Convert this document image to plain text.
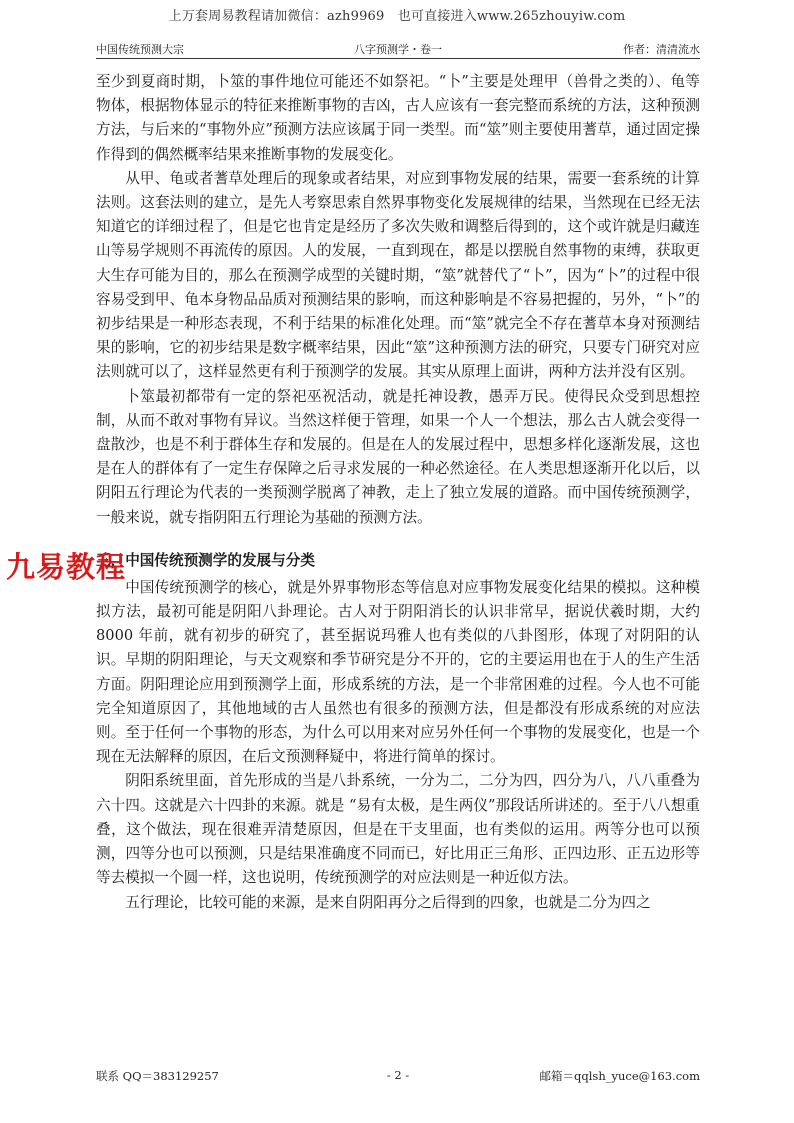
上万套周易教程请加微信：azh9969　也可直接进入www.265zhouyiw.com
中国传统预测大宗	八字预测学・卷一	作者：清清流水

至少到夏商时期，卜筮的事件地位可能还不如祭祀。“卜”主要是处理甲（兽骨之类的）、龟等物体，根据物体显示的特征来推断事物的吉凶，古人应该有一套完整而系统的方法，这种预测方法，与后来的“事物外应”预测方法应该属于同一类型。而“筮”则主要使用蓍草，通过固定操作得到的偶然概率结果来推断事物的发展变化。

从甲、龟或者蓍草处理后的现象或者结果，对应到事物发展的结果，需要一套系统的计算法则。这套法则的建立，是先人考察思索自然界事物变化发展规律的结果，当然现在已经无法知道它的详细过程了，但是它也肯定是经历了多次失败和调整后得到的，这个或许就是归藏连山等易学规则不再流传的原因。人的发展，一直到现在，都是以摆脱自然事物的束缚，获取更大生存可能为目的，那么在预测学成型的关键时期，“筮”就替代了“卜”，因为“卜”的过程中很容易受到甲、龟本身物品品质对预测结果的影响，而这种影响是不容易把握的，另外，“卜”的初步结果是一种形态表现，不利于结果的标准化处理。而“筮”就完全不存在蓍草本身对预测结果的影响，它的初步结果是数字概率结果，因此“筮”这种预测方法的研究，只要专门研究对应法则就可以了，这样显然更有利于预测学的发展。其实从原理上面讲，两种方法并没有区别。

卜筮最初都带有一定的祭祀巫祝活动，就是托神设教，愚弄万民。使得民众受到思想控制，从而不敢对事物有异议。当然这样便于管理，如果一个人一个想法，那么古人就会变得一盘散沙，也是不利于群体生存和发展的。但是在人的发展过程中，思想多样化逐渐发展，这也是在人的群体有了一定生存保障之后寻求发展的一种必然途径。在人类思想逐渐开化以后，以阴阳五行理论为代表的一类预测学脱离了神教，走上了独立发展的道路。而中国传统预测学，一般来说，就专指阴阳五行理论为基础的预测方法。

三，中国传统预测学的发展与分类

中国传统预测学的核心，就是外界事物形态等信息对应事物发展变化结果的模拟。这种模拟方法，最初可能是阴阳八卦理论。古人对于阴阳消长的认识非常早，据说伏羲时期，大约 8000 年前，就有初步的研究了，甚至据说玛雅人也有类似的八卦图形，体现了对阴阳的认识。早期的阴阳理论，与天文观察和季节研究是分不开的，它的主要运用也在于人的生产生活方面。阴阳理论应用到预测学上面，形成系统的方法，是一个非常困难的过程。今人也不可能完全知道原因了，其他地域的古人虽然也有很多的预测方法，但是都没有形成系统的对应法则。至于任何一个事物的形态，为什么可以用来对应另外任何一个事物的发展变化，也是一个现在无法解释的原因，在后文预测释疑中，将进行简单的探讨。

阴阳系统里面，首先形成的当是八卦系统，一分为二，二分为四，四分为八，八八重叠为六十四。这就是六十四卦的来源。就是 “易有太极，是生两仪”那段话所讲述的。至于八八想重叠，这个做法，现在很难弄清楚原因，但是在干支里面，也有类似的运用。两等分也可以预测，四等分也可以预测，只是结果准确度不同而已，好比用正三角形、正四边形、正五边形等等去模拟一个圆一样，这也说明，传统预测学的对应法则是一种近似方法。

五行理论，比较可能的来源，是来自阴阳再分之后得到的四象，也就是二分为四之

九易教程
联系 QQ＝383129257	- 2 -	邮箱＝qqlsh_yuce@163.com
